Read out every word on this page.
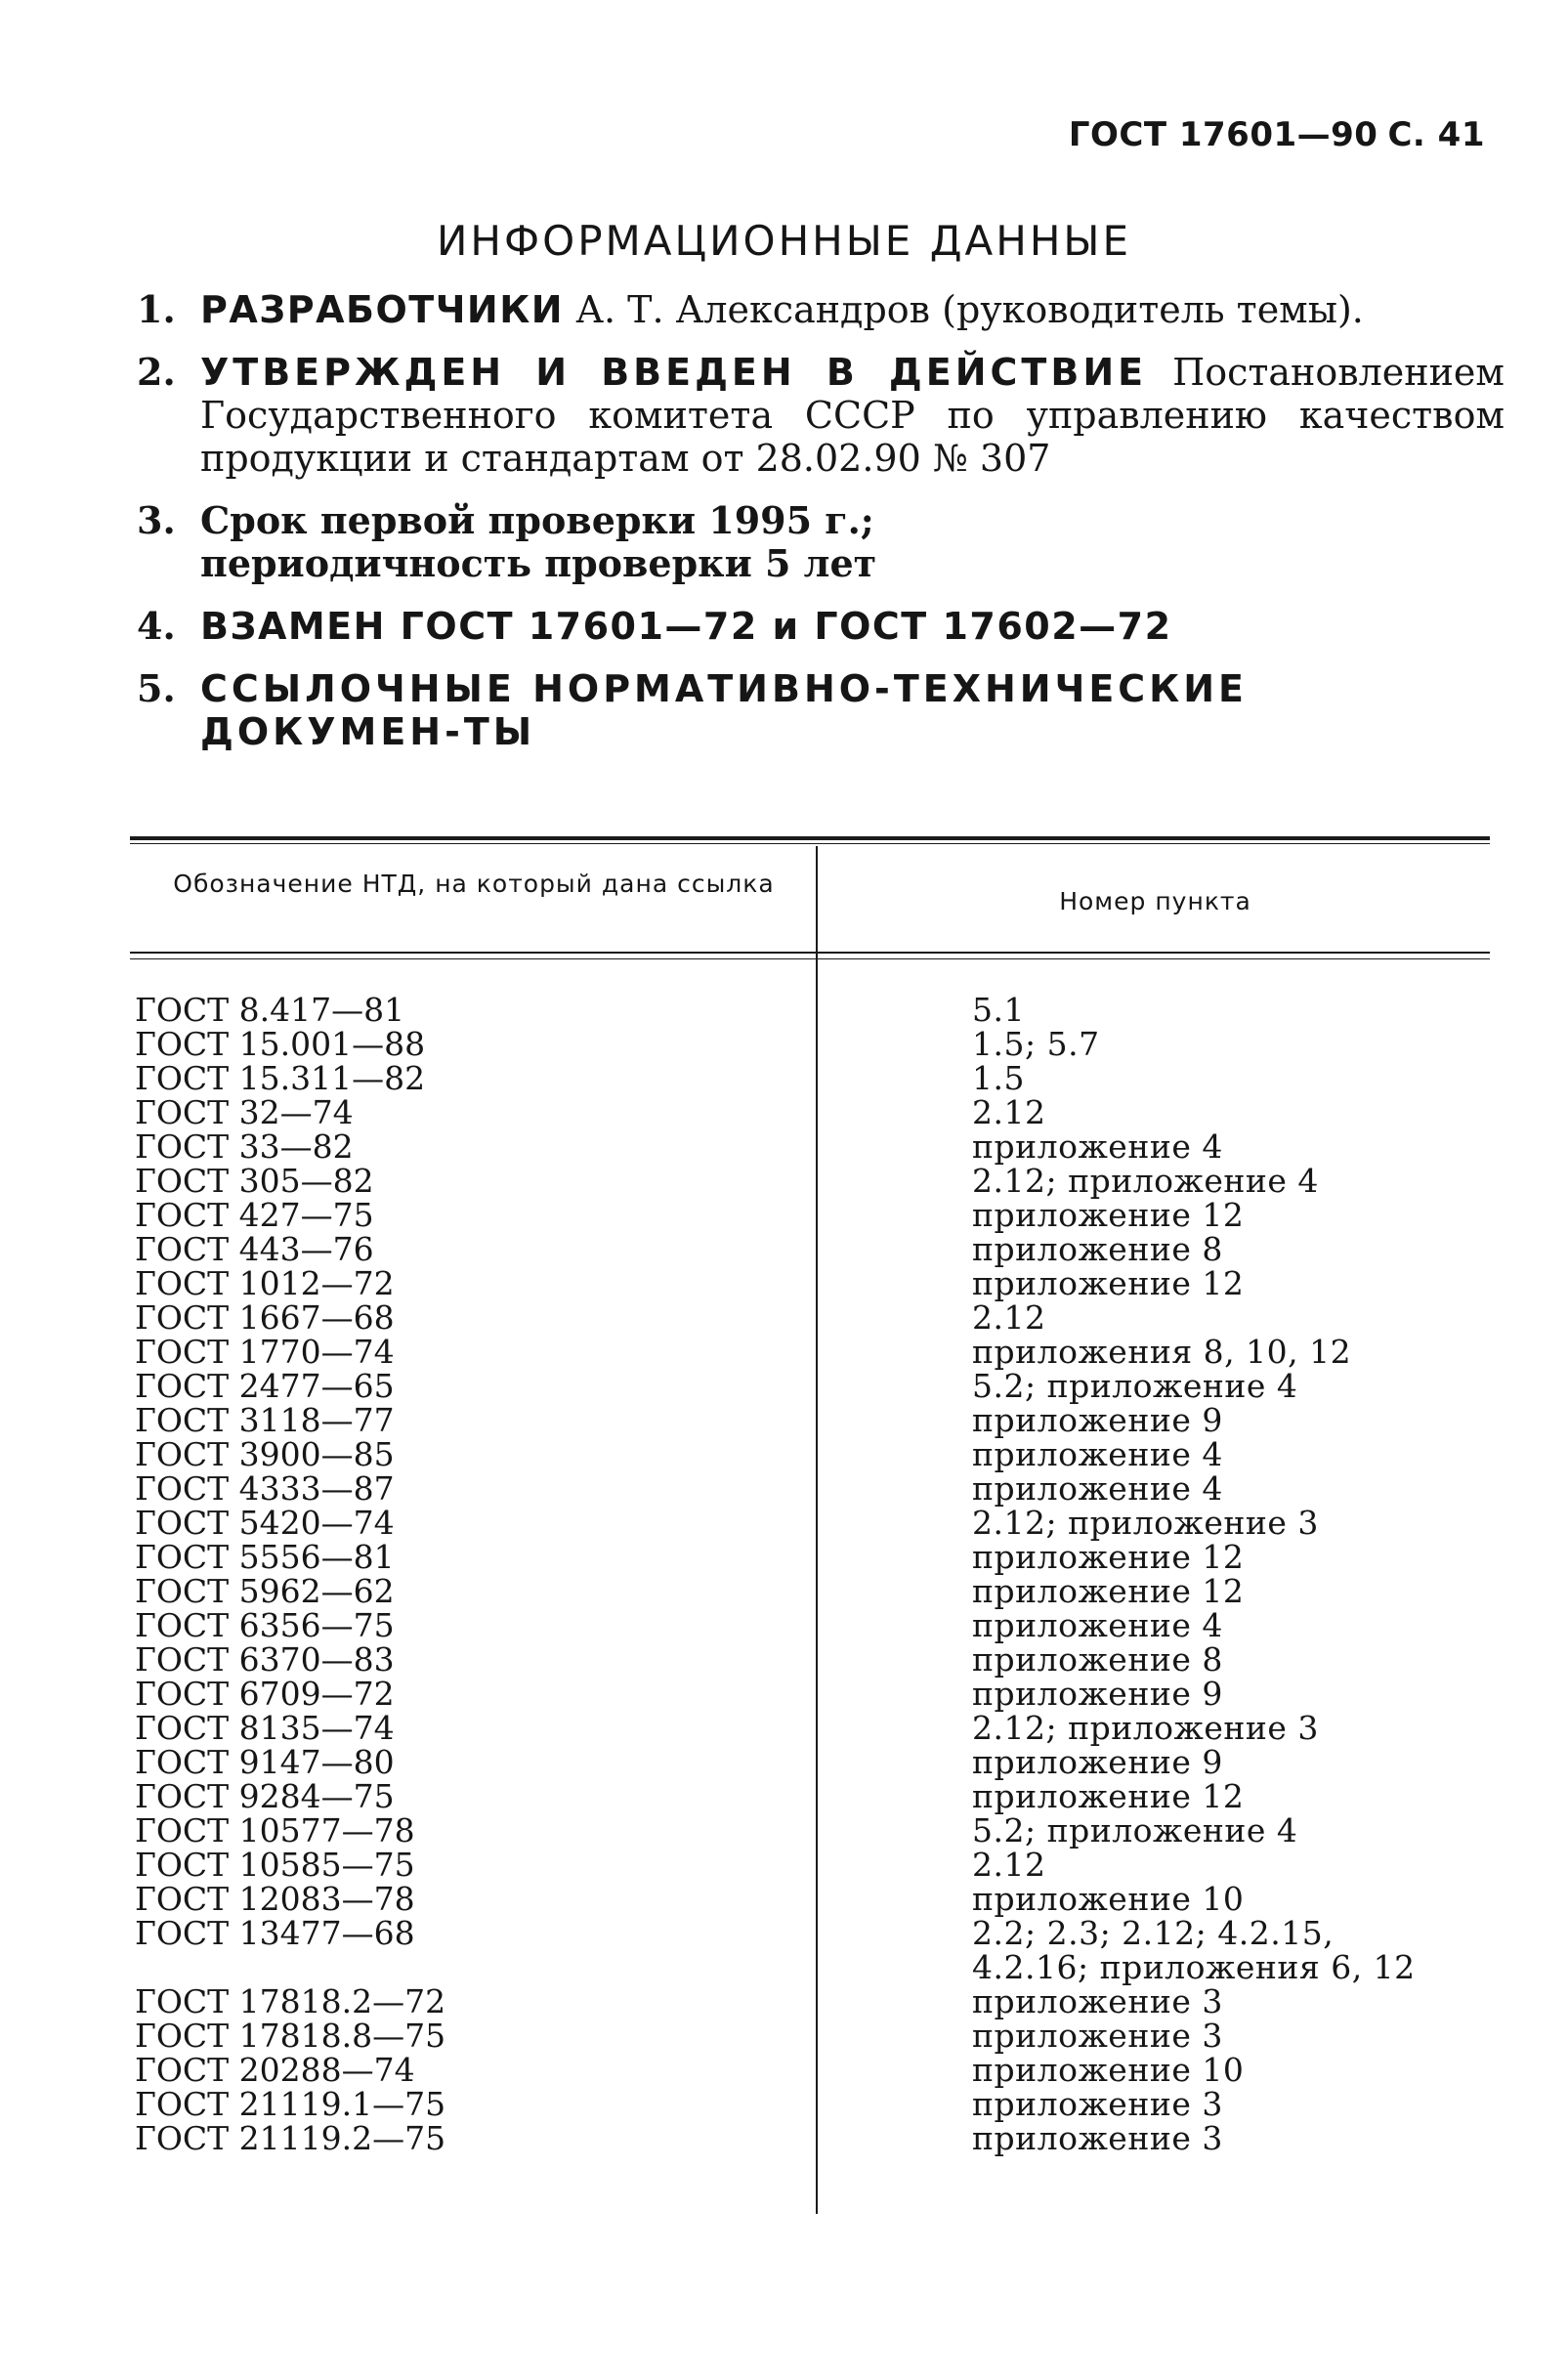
ГОСТ 17601—90 С. 41
ИНФОРМАЦИОННЫЕ ДАННЫЕ
1. РАЗРАБОТЧИКИ А. Т. Александров (руководитель темы).
2. УТВЕРЖДЕН И ВВЕДЕН В ДЕЙСТВИЕ Постановлением Государственного комитета СССР по управлению качеством продукции и стандартам от 28.02.90 № 307
3. Срок первой проверки 1995 г.;
периодичность проверки 5 лет
4. ВЗАМЕН ГОСТ 17601—72 и ГОСТ 17602—72
5. ССЫЛОЧНЫЕ НОРМАТИВНО-ТЕХНИЧЕСКИЕ ДОКУМЕН-ТЫ
Обозначение НТД, на который дана ссылка
Номер пункта
ГОСТ 8.417—81	5.1
ГОСТ 15.001—88	1.5; 5.7
ГОСТ 15.311—82	1.5
ГОСТ 32—74	2.12
ГОСТ 33—82	приложение 4
ГОСТ 305—82	2.12; приложение 4
ГОСТ 427—75	приложение 12
ГОСТ 443—76	приложение 8
ГОСТ 1012—72	приложение 12
ГОСТ 1667—68	2.12
ГОСТ 1770—74	приложения 8, 10, 12
ГОСТ 2477—65	5.2; приложение 4
ГОСТ 3118—77	приложение 9
ГОСТ 3900—85	приложение 4
ГОСТ 4333—87	приложение 4
ГОСТ 5420—74	2.12; приложение 3
ГОСТ 5556—81	приложение 12
ГОСТ 5962—62	приложение 12
ГОСТ 6356—75	приложение 4
ГОСТ 6370—83	приложение 8
ГОСТ 6709—72	приложение 9
ГОСТ 8135—74	2.12; приложение 3
ГОСТ 9147—80	приложение 9
ГОСТ 9284—75	приложение 12
ГОСТ 10577—78	5.2; приложение 4
ГОСТ 10585—75	2.12
ГОСТ 12083—78	приложение 10
ГОСТ 13477—68	2.2; 2.3; 2.12; 4.2.15,
4.2.16; приложения 6, 12
ГОСТ 17818.2—72	приложение 3
ГОСТ 17818.8—75	приложение 3
ГОСТ 20288—74	приложение 10
ГОСТ 21119.1—75	приложение 3
ГОСТ 21119.2—75	приложение 3
